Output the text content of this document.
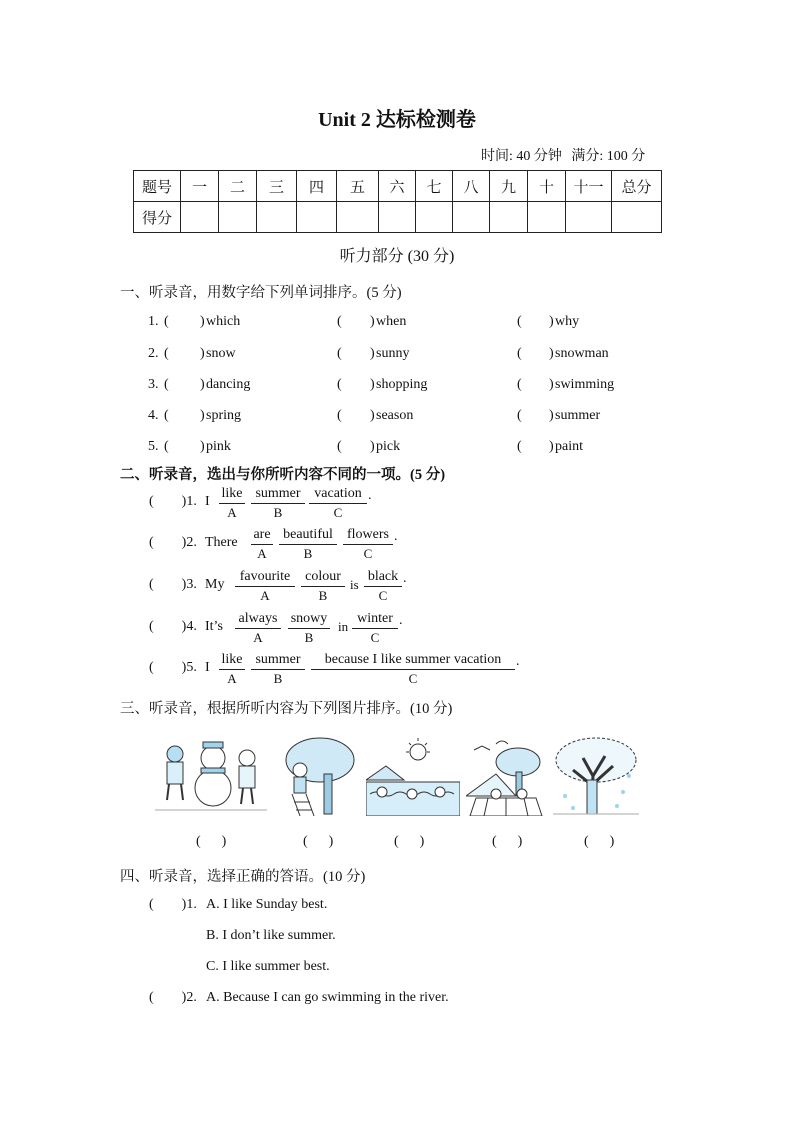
Unit 2 达标检测卷
时间: 40 分钟 满分: 100 分
题号	一	二	三	四	五	六	七	八	九	十	十一	总分
得分												
听力部分 (30 分)
一、听录音，用数字给下列单词排序。(5 分)
1. ( ) which	( ) when	( ) why
2. ( ) snow	( ) sunny	( ) snowman
3. ( ) dancing	( ) shopping	( ) swimming
4. ( ) spring	( ) season	( ) summer
5. ( ) pink	( ) pick	( ) paint
二、听录音，选出与你所听内容不同的一项。(5 分)
( )1. I
like
A
summer
B
vacation
C
.
( )2. There
are
A
beautiful
B
flowers
C
.
( )3. My
favourite
A
colour
B
black
C
is	.
( )4. It’s
always
A
snowy
B
winter
C
in	.
( )5. I
like
A
summer
B
because I like summer vacation
C
.
三、听录音，根据所听内容为下列图片排序。(10 分)
( )	( )	( )	( )	( )
四、听录音，选择正确的答语。(10 分)
( )1. A. I like Sunday best.
B. I don’t like summer.
C. I like summer best.
( )2. A. Because I can go swimming in the river.
